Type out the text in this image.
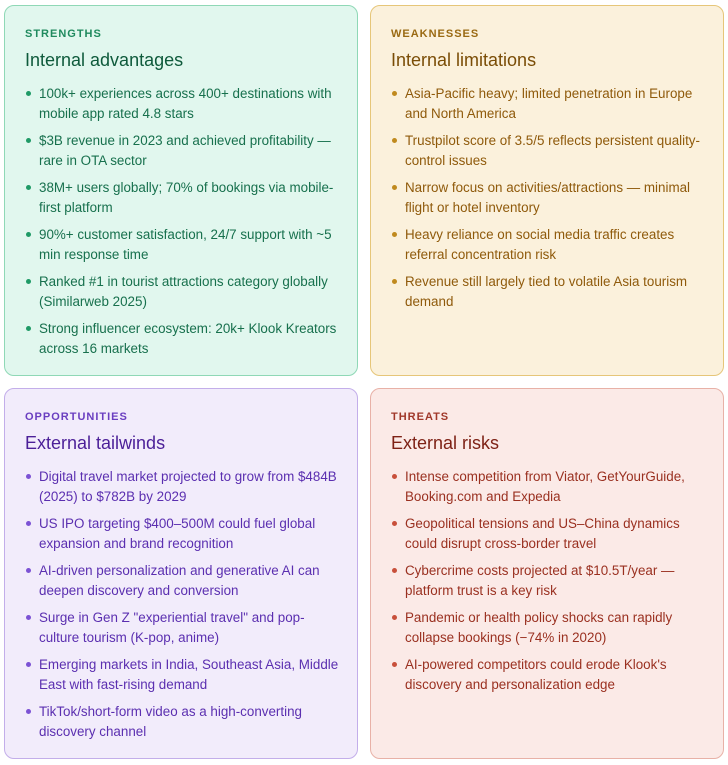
STRENGTHS
Internal advantages
100k+ experiences across 400+ destinations with mobile app rated 4.8 stars
$3B revenue in 2023 and achieved profitability — rare in OTA sector
38M+ users globally; 70% of bookings via mobile-first platform
90%+ customer satisfaction, 24/7 support with ~5 min response time
Ranked #1 in tourist attractions category globally (Similarweb 2025)
Strong influencer ecosystem: 20k+ Klook Kreators across 16 markets
WEAKNESSES
Internal limitations
Asia-Pacific heavy; limited penetration in Europe and North America
Trustpilot score of 3.5/5 reflects persistent quality-control issues
Narrow focus on activities/attractions — minimal flight or hotel inventory
Heavy reliance on social media traffic creates referral concentration risk
Revenue still largely tied to volatile Asia tourism demand
OPPORTUNITIES
External tailwinds
Digital travel market projected to grow from $484B (2025) to $782B by 2029
US IPO targeting $400–500M could fuel global expansion and brand recognition
AI-driven personalization and generative AI can deepen discovery and conversion
Surge in Gen Z "experiential travel" and pop-culture tourism (K-pop, anime)
Emerging markets in India, Southeast Asia, Middle East with fast-rising demand
TikTok/short-form video as a high-converting discovery channel
THREATS
External risks
Intense competition from Viator, GetYourGuide, Booking.com and Expedia
Geopolitical tensions and US–China dynamics could disrupt cross-border travel
Cybercrime costs projected at $10.5T/year — platform trust is a key risk
Pandemic or health policy shocks can rapidly collapse bookings (−74% in 2020)
AI-powered competitors could erode Klook's discovery and personalization edge
